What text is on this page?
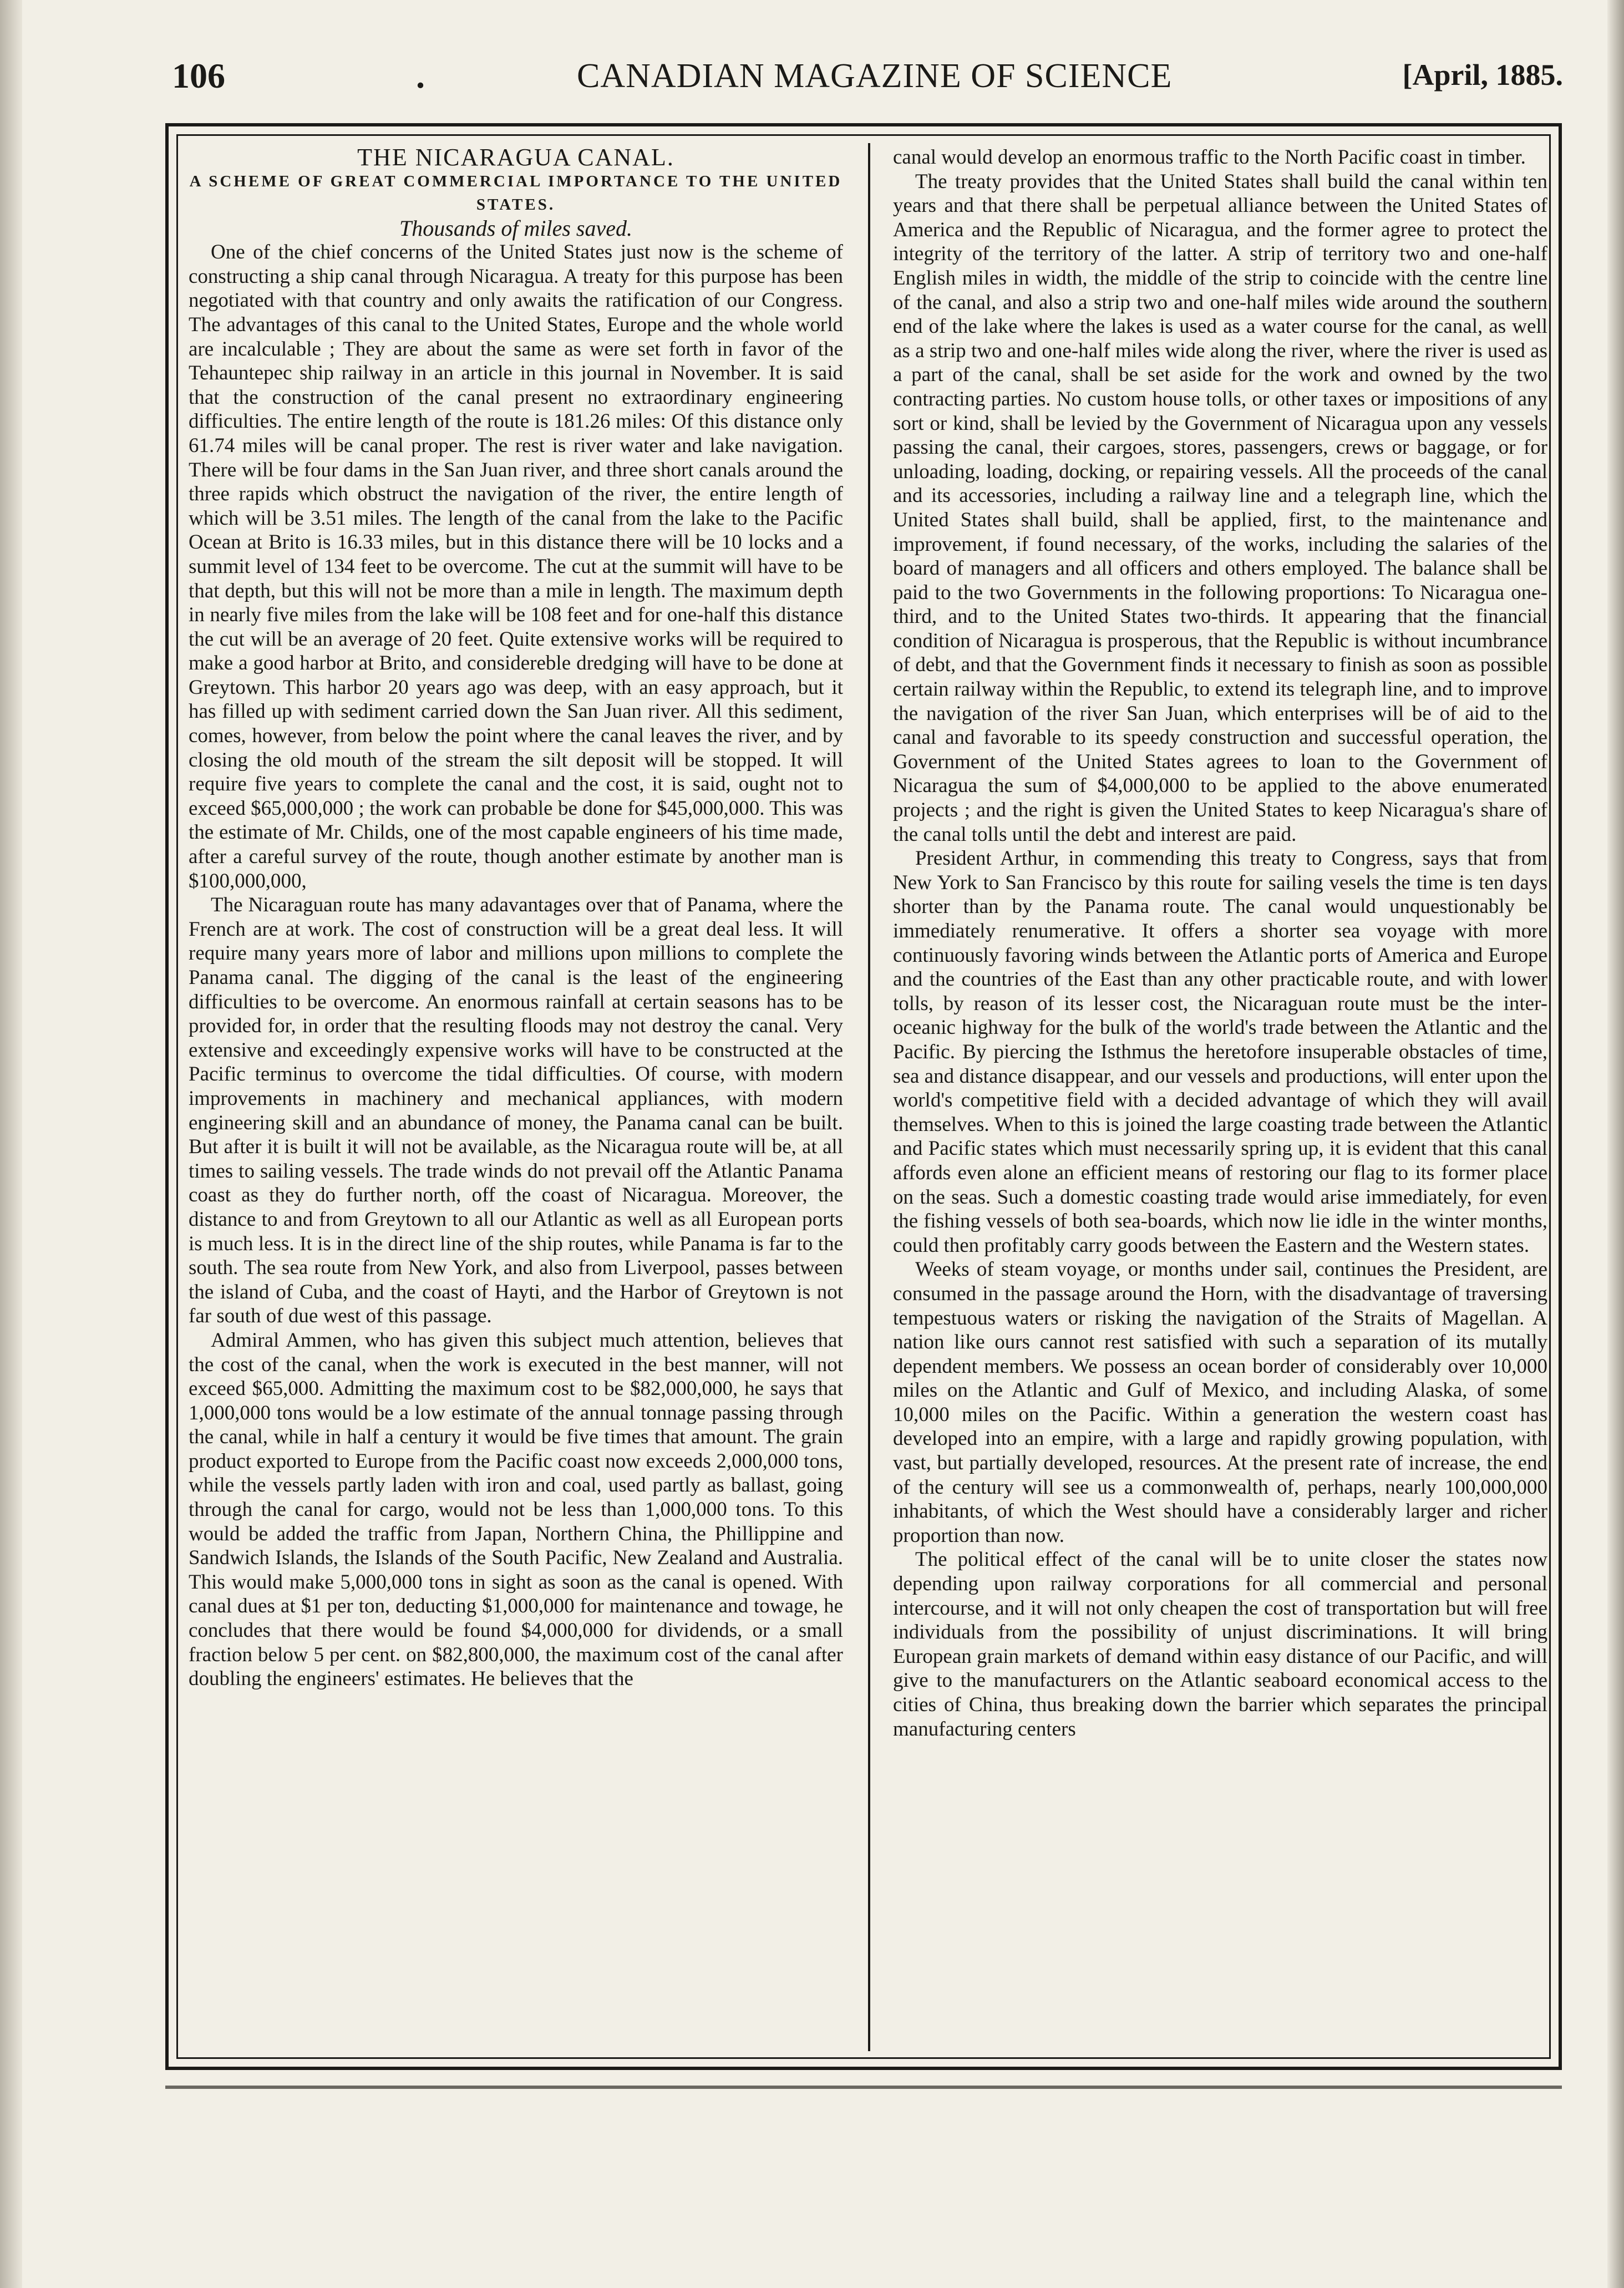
106	.	CANADIAN MAGAZINE OF SCIENCE	[April, 1885.

THE NICARAGUA CANAL.

A SCHEME OF GREAT COMMERCIAL IMPORTANCE TO THE UNITED STATES.

Thousands of miles saved.

One of the chief concerns of the United States just now is the scheme of constructing a ship canal through Nicaragua. A treaty for this purpose has been negotiated with that country and only awaits the ratification of our Congress. The advantages of this canal to the United States, Europe and the whole world are incalculable ; They are about the same as were set forth in favor of the Tehauntepec ship railway in an article in this journal in November. It is said that the construction of the canal present no extraordinary engineering difficulties. The entire length of the route is 181.26 miles: Of this distance only 61.74 miles will be canal proper. The rest is river water and lake navigation. There will be four dams in the San Juan river, and three short canals around the three rapids which obstruct the navigation of the river, the entire length of which will be 3.51 miles. The length of the canal from the lake to the Pacific Ocean at Brito is 16.33 miles, but in this distance there will be 10 locks and a summit level of 134 feet to be overcome. The cut at the summit will have to be that depth, but this will not be more than a mile in length. The maximum depth in nearly five miles from the lake will be 108 feet and for one-half this distance the cut will be an average of 20 feet. Quite extensive works will be required to make a good harbor at Brito, and considereble dredging will have to be done at Greytown. This harbor 20 years ago was deep, with an easy approach, but it has filled up with sediment carried down the San Juan river. All this sediment, comes, however, from below the point where the canal leaves the river, and by closing the old mouth of the stream the silt deposit will be stopped. It will require five years to complete the canal and the cost, it is said, ought not to exceed $65,000,000 ; the work can probable be done for $45,000,000. This was the estimate of Mr. Childs, one of the most capable engineers of his time made, after a careful survey of the route, though another estimate by another man is $100,000,000,

The Nicaraguan route has many adavantages over that of Panama, where the French are at work. The cost of construction will be a great deal less. It will require many years more of labor and millions upon millions to complete the Panama canal. The digging of the canal is the least of the engineering difficulties to be overcome. An enormous rainfall at certain seasons has to be provided for, in order that the resulting floods may not destroy the canal. Very extensive and exceedingly expensive works will have to be constructed at the Pacific terminus to overcome the tidal difficulties. Of course, with modern improvements in machinery and mechanical appliances, with modern engineering skill and an abundance of money, the Panama canal can be built. But after it is built it will not be available, as the Nicaragua route will be, at all times to sailing vessels. The trade winds do not prevail off the Atlantic Panama coast as they do further north, off the coast of Nicaragua. Moreover, the distance to and from Greytown to all our Atlantic as well as all European ports is much less. It is in the direct line of the ship routes, while Panama is far to the south. The sea route from New York, and also from Liverpool, passes between the island of Cuba, and the coast of Hayti, and the Harbor of Greytown is not far south of due west of this passage.

Admiral Ammen, who has given this subject much attention, believes that the cost of the canal, when the work is executed in the best manner, will not exceed $65,000. Admitting the maximum cost to be $82,000,000, he says that 1,000,000 tons would be a low estimate of the annual tonnage passing through the canal, while in half a century it would be five times that amount. The grain product exported to Europe from the Pacific coast now exceeds 2,000,000 tons, while the vessels partly laden with iron and coal, used partly as ballast, going through the canal for cargo, would not be less than 1,000,000 tons. To this would be added the traffic from Japan, Northern China, the Phillippine and Sandwich Islands, the Islands of the South Pacific, New Zealand and Australia. This would make 5,000,000 tons in sight as soon as the canal is opened. With canal dues at $1 per ton, deducting $1,000,000 for maintenance and towage, he concludes that there would be found $4,000,000 for dividends, or a small fraction below 5 per cent. on $82,800,000, the maximum cost of the canal after doubling the engineers' estimates. He believes that the

canal would develop an enormous traffic to the North Pacific coast in timber.

The treaty provides that the United States shall build the canal within ten years and that there shall be perpetual alliance between the United States of America and the Republic of Nicaragua, and the former agree to protect the integrity of the territory of the latter. A strip of territory two and one-half English miles in width, the middle of the strip to coincide with the centre line of the canal, and also a strip two and one-half miles wide around the southern end of the lake where the lakes is used as a water course for the canal, as well as a strip two and one-half miles wide along the river, where the river is used as a part of the canal, shall be set aside for the work and owned by the two contracting parties. No custom house tolls, or other taxes or impositions of any sort or kind, shall be levied by the Government of Nicaragua upon any vessels passing the canal, their cargoes, stores, passengers, crews or baggage, or for unloading, loading, docking, or repairing vessels. All the proceeds of the canal and its accessories, including a railway line and a telegraph line, which the United States shall build, shall be applied, first, to the maintenance and improvement, if found necessary, of the works, including the salaries of the board of managers and all officers and others employed. The balance shall be paid to the two Governments in the following proportions: To Nicaragua one-third, and to the United States two-thirds. It appearing that the financial condition of Nicaragua is prosperous, that the Republic is without incumbrance of debt, and that the Government finds it necessary to finish as soon as possible certain railway within the Republic, to extend its telegraph line, and to improve the navigation of the river San Juan, which enterprises will be of aid to the canal and favorable to its speedy construction and successful operation, the Government of the United States agrees to loan to the Government of Nicaragua the sum of $4,000,000 to be applied to the above enumerated projects ; and the right is given the United States to keep Nicaragua's share of the canal tolls until the debt and interest are paid.

President Arthur, in commending this treaty to Congress, says that from New York to San Francisco by this route for sailing vesels the time is ten days shorter than by the Panama route. The canal would unquestionably be immediately renumerative. It offers a shorter sea voyage with more continuously favoring winds between the Atlantic ports of America and Europe and the countries of the East than any other practicable route, and with lower tolls, by reason of its lesser cost, the Nicaraguan route must be the inter-oceanic highway for the bulk of the world's trade between the Atlantic and the Pacific. By piercing the Isthmus the heretofore insuperable obstacles of time, sea and distance disappear, and our vessels and productions, will enter upon the world's competitive field with a decided advantage of which they will avail themselves. When to this is joined the large coasting trade between the Atlantic and Pacific states which must necessarily spring up, it is evident that this canal affords even alone an efficient means of restoring our flag to its former place on the seas. Such a domestic coasting trade would arise immediately, for even the fishing vessels of both sea-boards, which now lie idle in the winter months, could then profitably carry goods between the Eastern and the Western states.

Weeks of steam voyage, or months under sail, continues the President, are consumed in the passage around the Horn, with the disadvantage of traversing tempestuous waters or risking the navigation of the Straits of Magellan. A nation like ours cannot rest satisfied with such a separation of its mutally dependent members. We possess an ocean border of considerably over 10,000 miles on the Atlantic and Gulf of Mexico, and including Alaska, of some 10,000 miles on the Pacific. Within a generation the western coast has developed into an empire, with a large and rapidly growing population, with vast, but partially developed, resources. At the present rate of increase, the end of the century will see us a commonwealth of, perhaps, nearly 100,000,000 inhabitants, of which the West should have a considerably larger and richer proportion than now.

The political effect of the canal will be to unite closer the states now depending upon railway corporations for all commercial and personal intercourse, and it will not only cheapen the cost of transportation but will free individuals from the possibility of unjust discriminations. It will bring European grain markets of demand within easy distance of our Pacific, and will give to the manufacturers on the Atlantic seaboard economical access to the cities of China, thus breaking down the barrier which separates the principal manufacturing centers
